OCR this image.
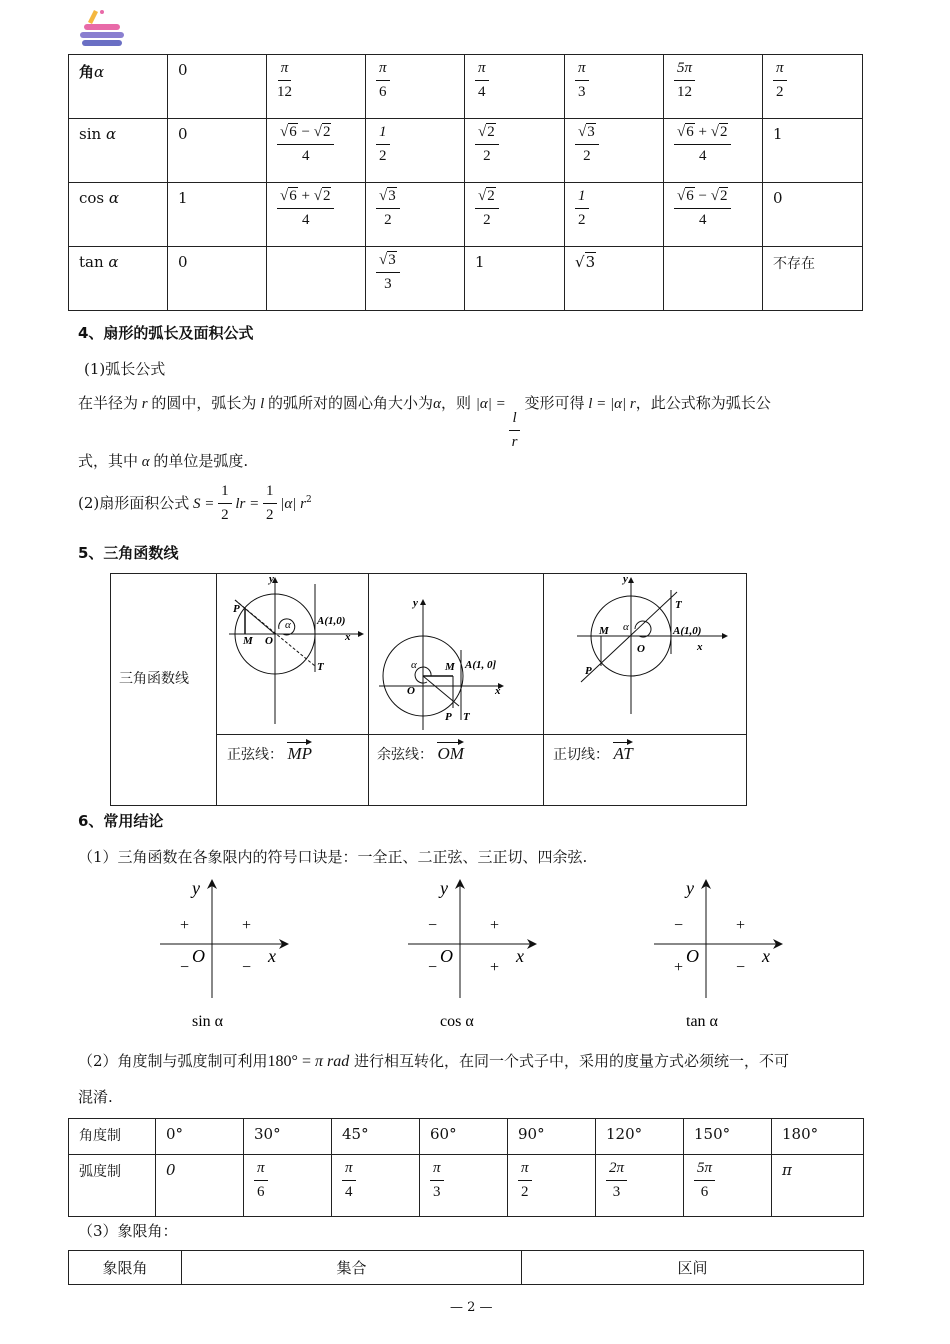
角α	0	$\frac{\pi}{12}$	$\frac{\pi}{6}$	$\frac{\pi}{4}$	$\frac{\pi}{3}$	$\frac{5\pi}{12}$	$\frac{\pi}{2}$

sin α	0	$\frac{√6 - √2}{4}$	$\frac{1}{2}$	$\frac{√2}{2}$	$\frac{√3}{2}$	$\frac{√6 + √2}{4}$	1
cos α	1	$\frac{√6 + √2}{4}$	$\frac{√3}{2}$	$\frac{√2}{2}$	$\frac{1}{2}$	$\frac{√6 - √2}{4}$	0
tan α	0		$\frac{√3}{3}$	1	√3		不存在
4、扇形的弧长及面积公式
(1)弧长公式
在半径为 r 的圆中，弧长为 l 的弧所对的圆心角大小为α，则 |α| =
$\frac{l}{r}$
变形可得 l = |α| r，此公式称为弧长公
式，其中 α 的单位是弧度.
(2)扇形面积公式 $S = \frac{1}{2}$ lr = $\frac{1}{2} |\alpha|$ $r^2$
5、三角函数线
三角函数线
y
x
P
M O
α A(1,0)
T
y
x
α
O
M A(1, 0]
P T
y
x
T
A(1,0)
M α
O
P
正弦线： MP	余弦线： OM	正切线： AT
6、常用结论
（1）三角函数在各象限内的符号口诀是：一全正、二正弦、三正切、四余弦.
y
x
O
+	+
−	−
sin α
y
x
O
−	+
−	+
cos α
y
x
O
−	+
+	−
tan α
（2）角度制与弧度制可利用180° = π rad 进行相互转化，在同一个式子中，采用的度量方式必须统一，不可
混淆.
角度制	0°	30°	45°	60°	90°	120°	150°	180°
弧度制	0	$\frac{\pi}{6}$	$\frac{\pi}{4}$	$\frac{\pi}{3}$	$\frac{\pi}{2}$	$\frac{2\pi}{3}$	$\frac{5\pi}{6}$	π
（3）象限角：
象限角	集合	区间
— 2 —
